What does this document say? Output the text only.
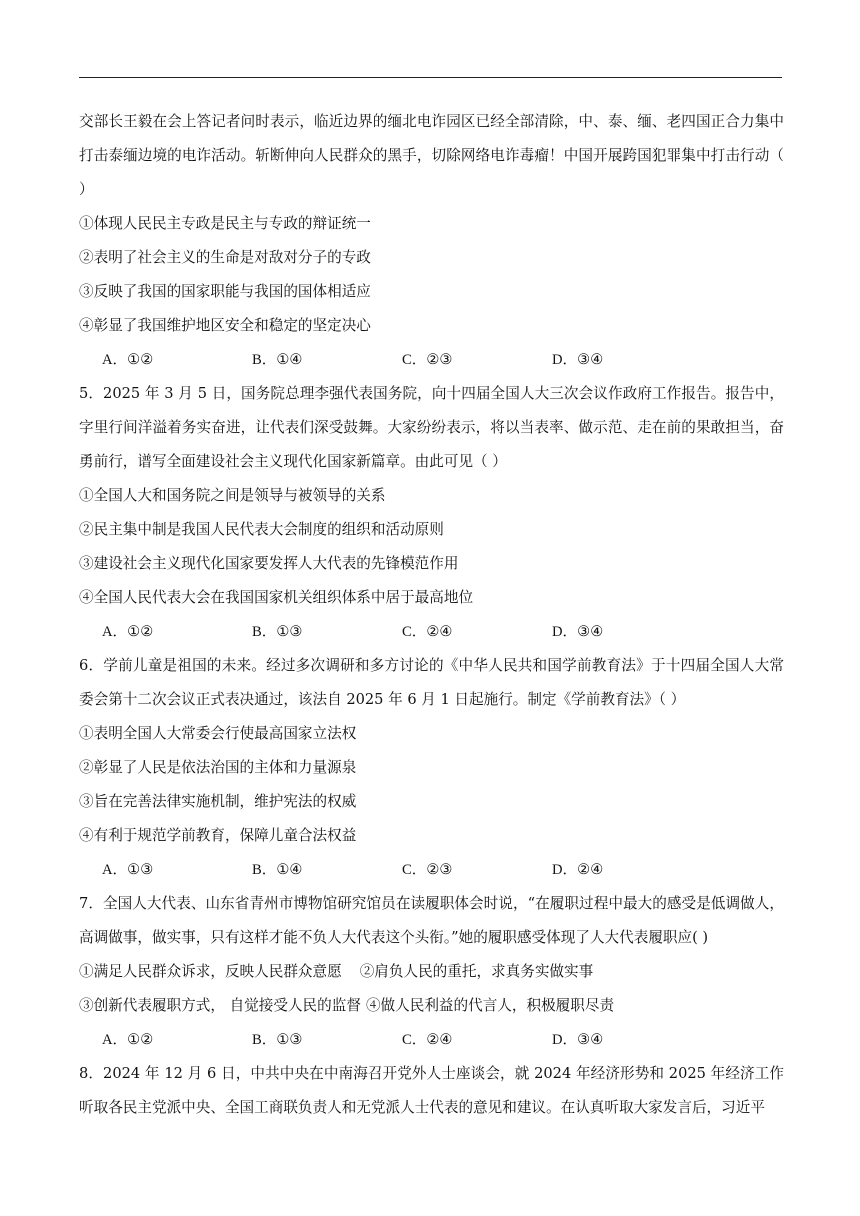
交部长王毅在会上答记者问时表示，临近边界的缅北电诈园区已经全部清除，中、泰、缅、老四国正合力集中打击泰缅边境的电诈活动。斩断伸向人民群众的黑手，切除网络电诈毒瘤！中国开展跨国犯罪集中打击行动（ ）

①体现人民民主专政是民主与专政的辩证统一

②表明了社会主义的生命是对敌对分子的专政

③反映了我国的国家职能与我国的国体相适应

④彰显了我国维护地区安全和稳定的坚定决心

A．①②	B．①④	C．②③	D．③④

5．2025 年 3 月 5 日，国务院总理李强代表国务院，向十四届全国人大三次会议作政府工作报告。报告中，字里行间洋溢着务实奋进，让代表们深受鼓舞。大家纷纷表示，将以当表率、做示范、走在前的果敢担当，奋勇前行，谱写全面建设社会主义现代化国家新篇章。由此可见（ ）

①全国人大和国务院之间是领导与被领导的关系

②民主集中制是我国人民代表大会制度的组织和活动原则

③建设社会主义现代化国家要发挥人大代表的先锋模范作用

④全国人民代表大会在我国国家机关组织体系中居于最高地位

A．①②	B．①③	C．②④	D．③④

6．学前儿童是祖国的未来。经过多次调研和多方讨论的《中华人民共和国学前教育法》于十四届全国人大常委会第十二次会议正式表决通过，该法自 2025 年 6 月 1 日起施行。制定《学前教育法》（ ）

①表明全国人大常委会行使最高国家立法权

②彰显了人民是依法治国的主体和力量源泉

③旨在完善法律实施机制，维护宪法的权威

④有利于规范学前教育，保障儿童合法权益

A．①③	B．①④	C．②③	D．②④

7．全国人大代表、山东省青州市博物馆研究馆员在读履职体会时说，“在履职过程中最大的感受是低调做人，高调做事，做实事，只有这样才能不负人大代表这个头衔。”她的履职感受体现了人大代表履职应( )

①满足人民群众诉求，反映人民群众意愿 ②肩负人民的重托，求真务实做实事

③创新代表履职方式， 自觉接受人民的监督 ④做人民利益的代言人，积极履职尽责

A．①②	B．①③	C．②④	D．③④

8．2024 年 12 月 6 日，中共中央在中南海召开党外人士座谈会，就 2024 年经济形势和 2025 年经济工作听取各民主党派中央、全国工商联负责人和无党派人士代表的意见和建议。在认真听取大家发言后，习近平
